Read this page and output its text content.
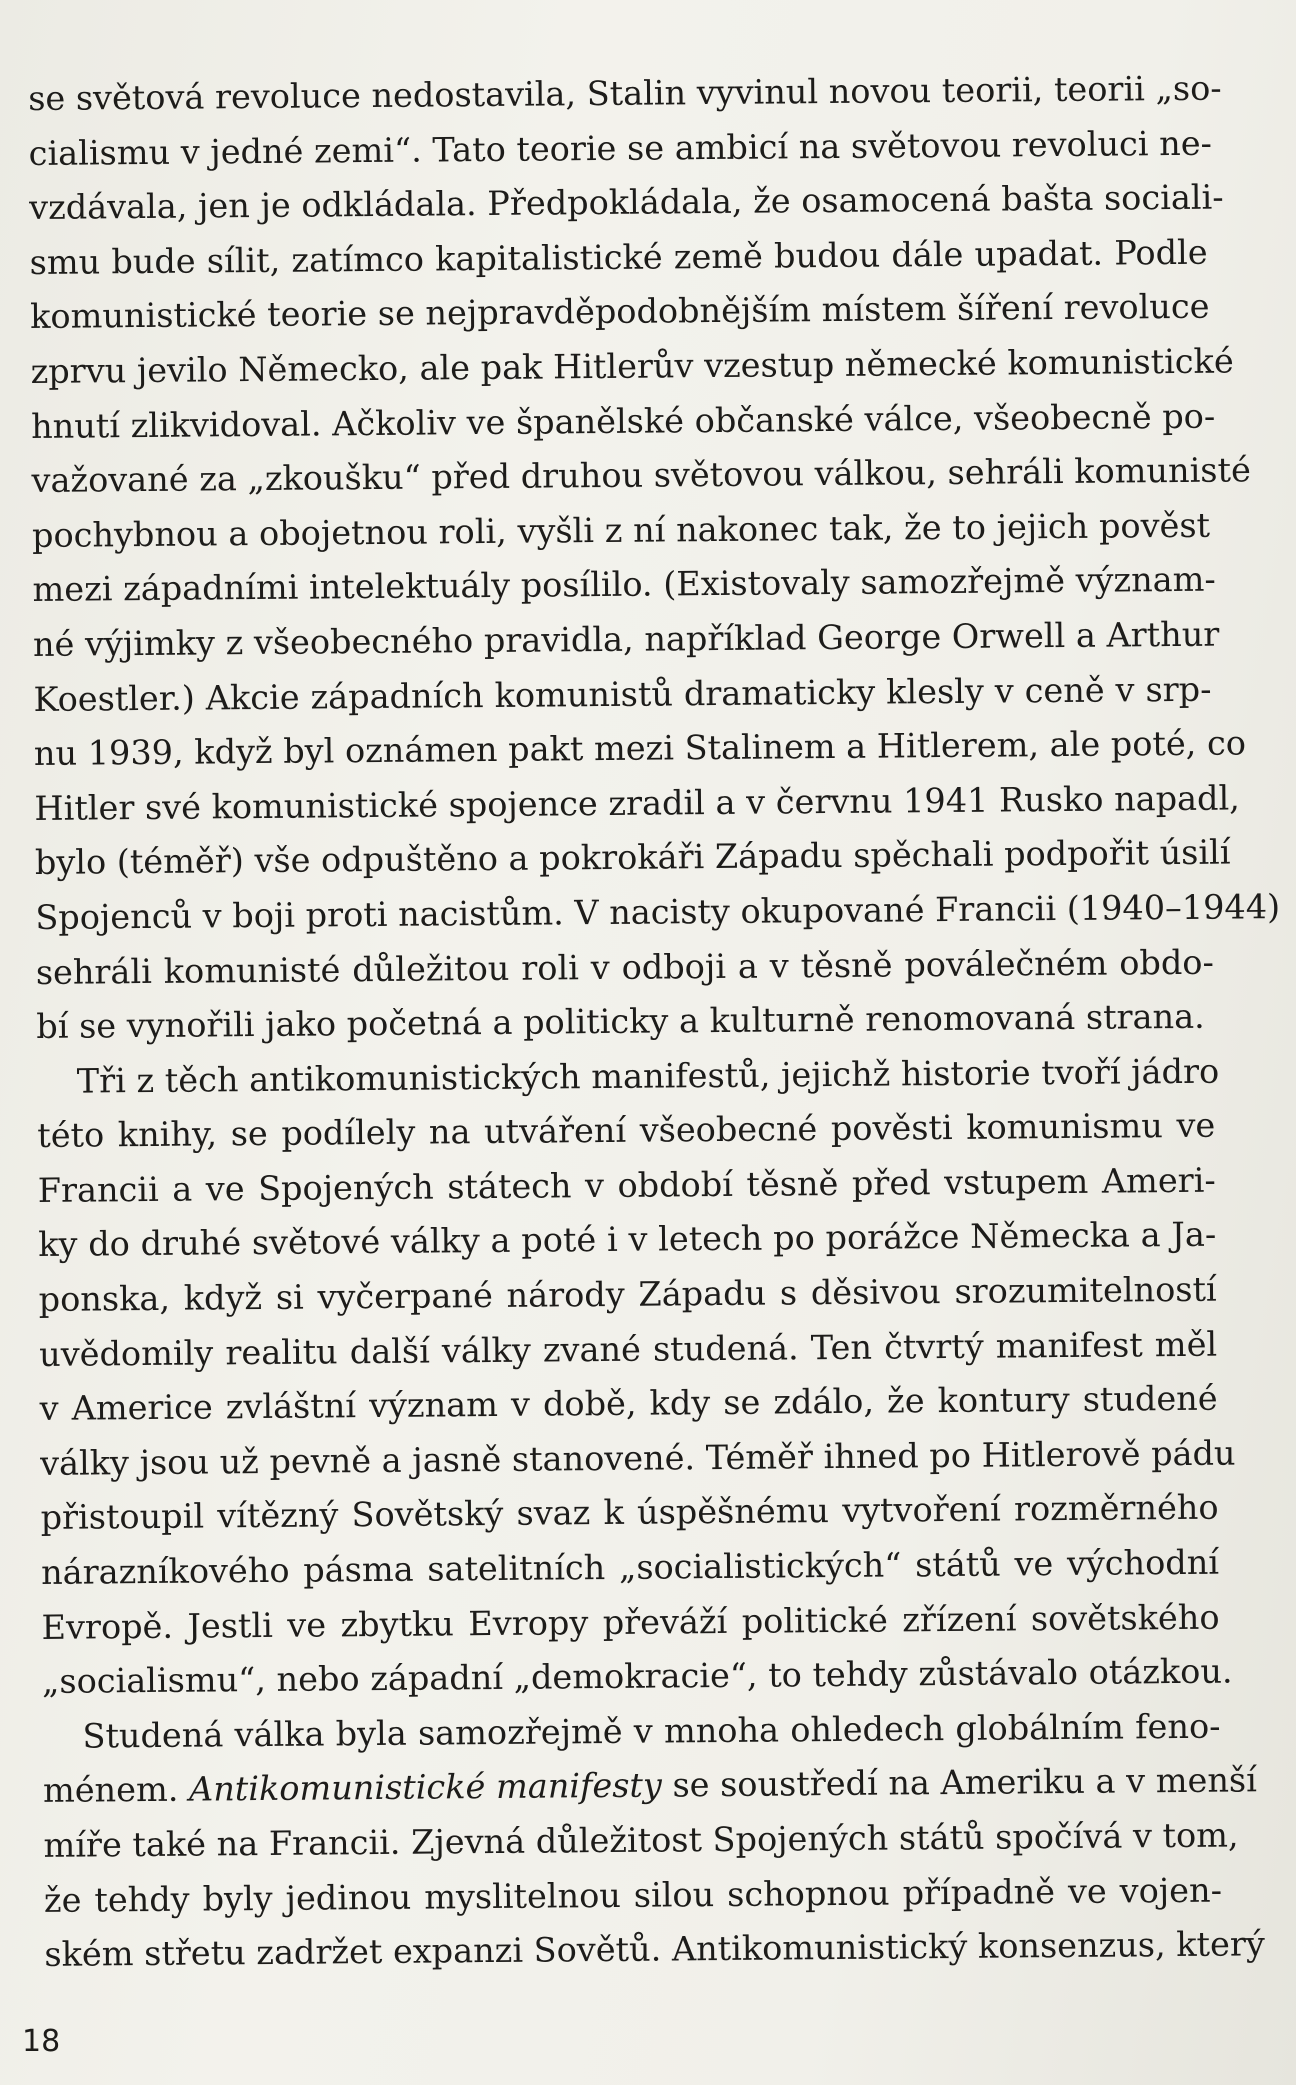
se světová revoluce nedostavila, Stalin vyvinul novou teorii, teorii „so-
cialismu v jedné zemi“. Tato teorie se ambicí na světovou revoluci ne-
vzdávala, jen je odkládala. Předpokládala, že osamocená bašta sociali-
smu bude sílit, zatímco kapitalistické země budou dále upadat. Podle
komunistické teorie se nejpravděpodobnějším místem šíření revoluce
zprvu jevilo Německo, ale pak Hitlerův vzestup německé komunistické
hnutí zlikvidoval. Ačkoliv ve španělské občanské válce, všeobecně po-
važované za „zkoušku“ před druhou světovou válkou, sehráli komunisté
pochybnou a obojetnou roli, vyšli z ní nakonec tak, že to jejich pověst
mezi západními intelektuály posílilo. (Existovaly samozřejmě význam-
né výjimky z všeobecného pravidla, například George Orwell a Arthur
Koestler.) Akcie západních komunistů dramaticky klesly v ceně v srp-
nu 1939, když byl oznámen pakt mezi Stalinem a Hitlerem, ale poté, co
Hitler své komunistické spojence zradil a v červnu 1941 Rusko napadl,
bylo (téměř) vše odpuštěno a pokrokáři Západu spěchali podpořit úsilí
Spojenců v boji proti nacistům. V nacisty okupované Francii (1940–1944)
sehráli komunisté důležitou roli v odboji a v těsně poválečném obdo-
bí se vynořili jako početná a politicky a kulturně renomovaná strana.
Tři z těch antikomunistických manifestů, jejichž historie tvoří jádro
této knihy, se podílely na utváření všeobecné pověsti komunismu ve
Francii a ve Spojených státech v období těsně před vstupem Ameri-
ky do druhé světové války a poté i v letech po porážce Německa a Ja-
ponska, když si vyčerpané národy Západu s děsivou srozumitelností
uvědomily realitu další války zvané studená. Ten čtvrtý manifest měl
v Americe zvláštní význam v době, kdy se zdálo, že kontury studené
války jsou už pevně a jasně stanovené. Téměř ihned po Hitlerově pádu
přistoupil vítězný Sovětský svaz k úspěšnému vytvoření rozměrného
nárazníkového pásma satelitních „socialistických“ států ve východní
Evropě. Jestli ve zbytku Evropy převáží politické zřízení sovětského
„socialismu“, nebo západní „demokracie“, to tehdy zůstávalo otázkou.
Studená válka byla samozřejmě v mnoha ohledech globálním feno-
ménem. Antikomunistické manifesty se soustředí na Ameriku a v menší
míře také na Francii. Zjevná důležitost Spojených států spočívá v tom,
že tehdy byly jedinou myslitelnou silou schopnou případně ve vojen-
ském střetu zadržet expanzi Sovětů. Antikomunistický konsenzus, který
18
